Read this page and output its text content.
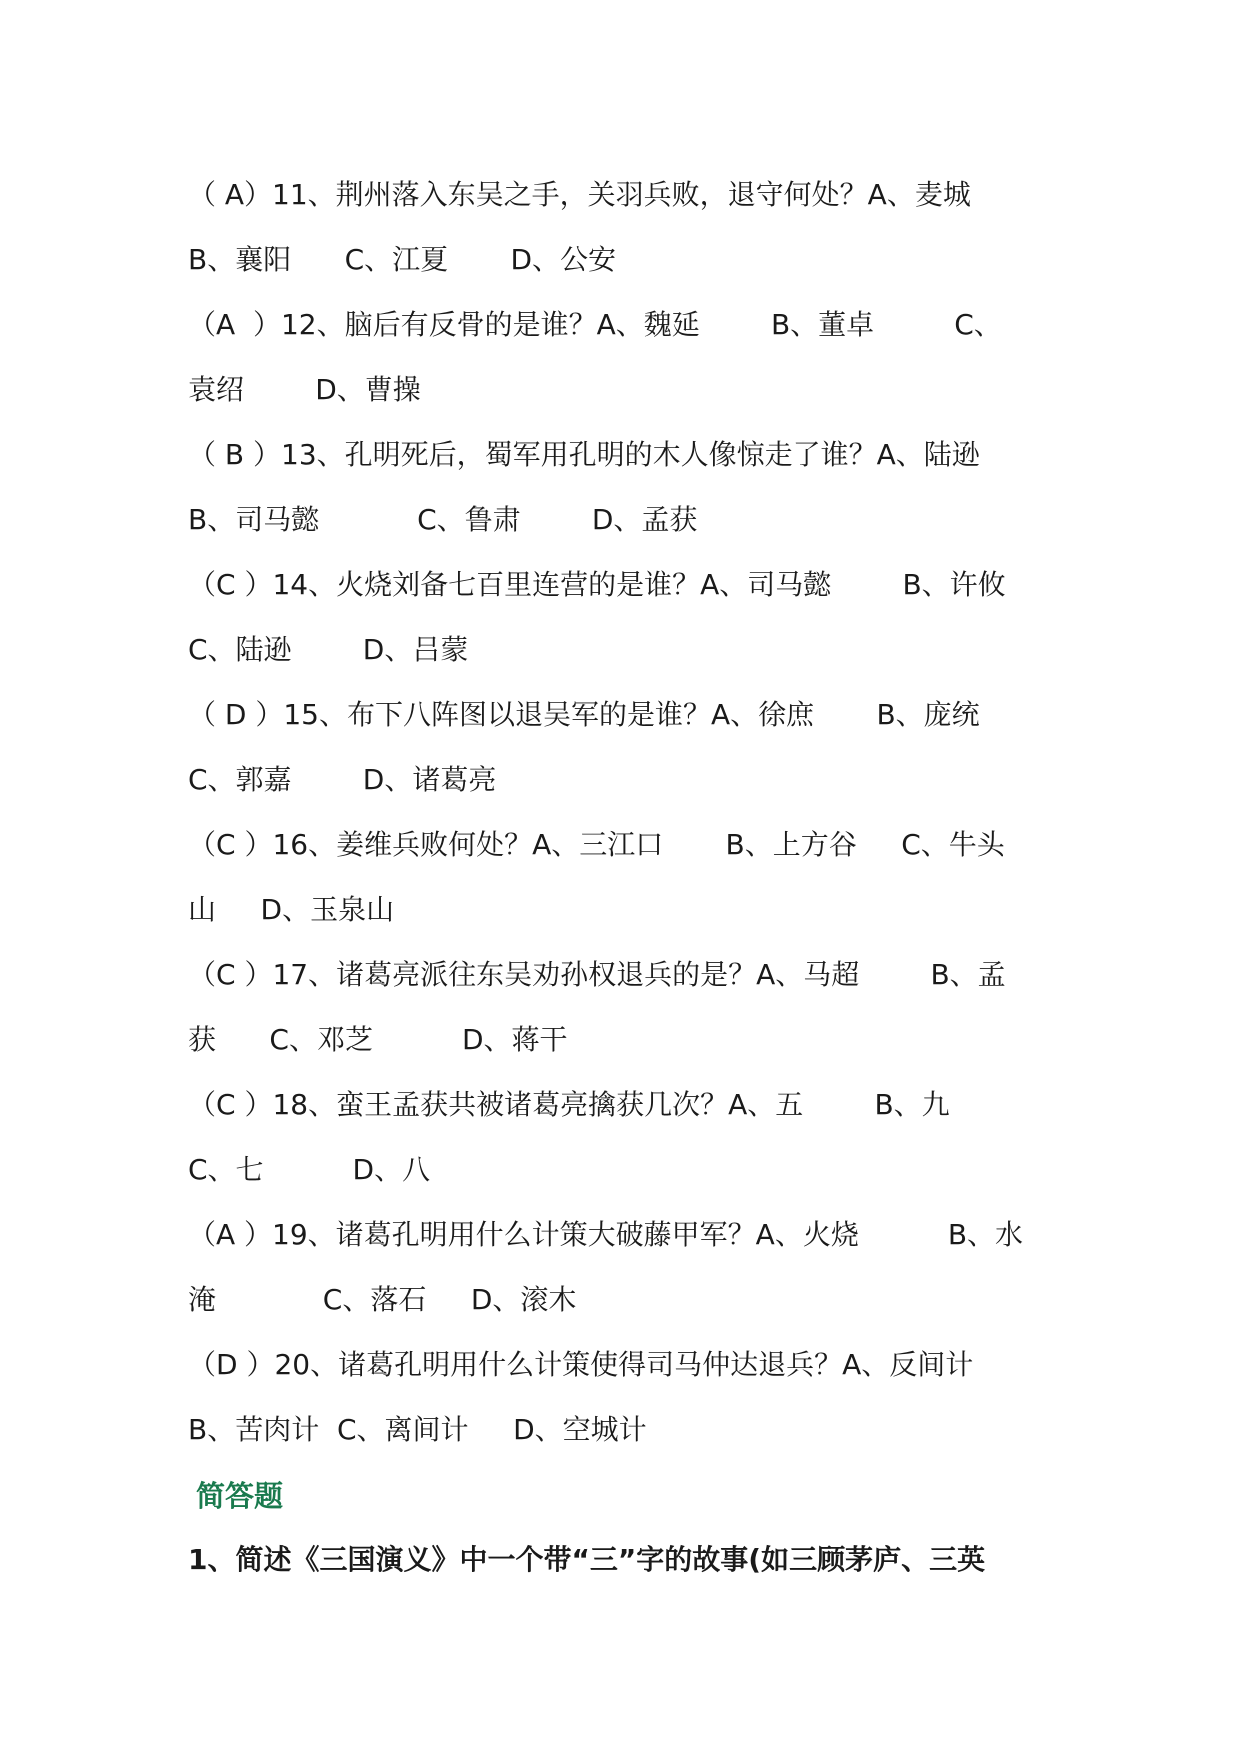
（ A）11、荆州落入东吴之手，关羽兵败，退守何处？A、麦城
B、襄阳      C、江夏       D、公安
（A  ）12、脑后有反骨的是谁？A、魏延        B、董卓         C、
袁绍        D、曹操
（ B ）13、孔明死后，蜀军用孔明的木人像惊走了谁？A、陆逊
B、司马懿           C、鲁肃        D、孟获
（C ）14、火烧刘备七百里连营的是谁？A、司马懿        B、许攸
C、陆逊        D、吕蒙
（ D ）15、布下八阵图以退吴军的是谁？A、徐庶       B、庞统
C、郭嘉        D、诸葛亮
（C ）16、姜维兵败何处？A、三江口       B、上方谷     C、牛头
山     D、玉泉山
（C ）17、诸葛亮派往东吴劝孙权退兵的是？A、马超        B、孟
获      C、邓芝          D、蒋干
（C ）18、蛮王孟获共被诸葛亮擒获几次？A、五        B、九
C、七          D、八
（A ）19、诸葛孔明用什么计策大破藤甲军？A、火烧          B、水
淹            C、落石     D、滚木
（D ）20、诸葛孔明用什么计策使得司马仲达退兵？A、反间计
B、苦肉计  C、离间计     D、空城计
简答题
1、简述《三国演义》中一个带“三”字的故事(如三顾茅庐、三英
